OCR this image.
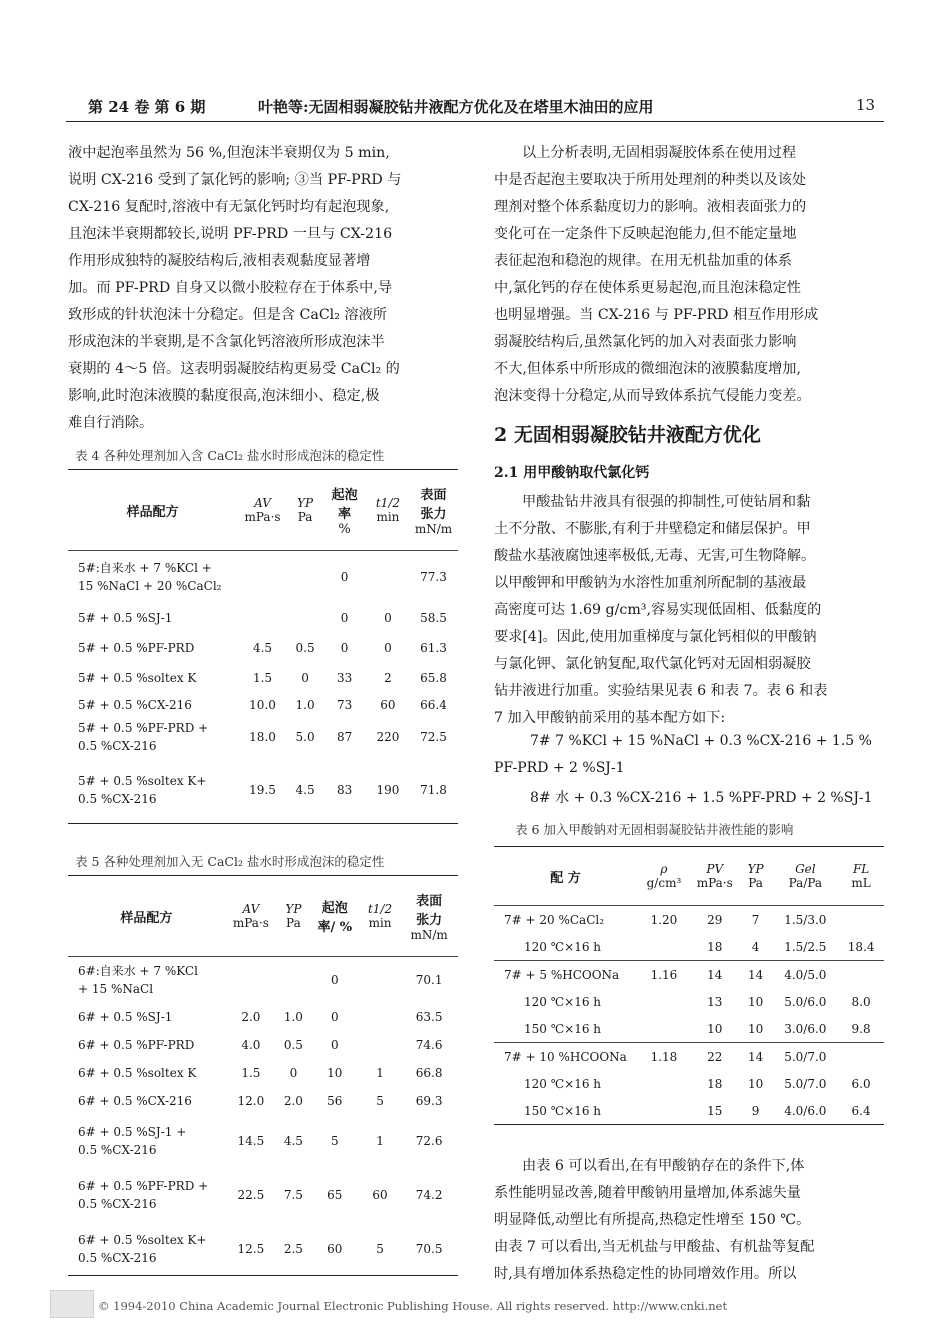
第 24 卷 第 6 期	叶艳等:无固相弱凝胶钻井液配方优化及在塔里木油田的应用	13
液中起泡率虽然为 56 %,但泡沫半衰期仅为 5 min,
说明 CX-216 受到了氯化钙的影响; ③当 PF-PRD 与
CX-216 复配时,溶液中有无氯化钙时均有起泡现象,
且泡沫半衰期都较长,说明 PF-PRD 一旦与 CX-216
作用形成独特的凝胶结构后,液相表观黏度显著增
加。而 PF-PRD 自身又以微小胶粒存在于体系中,导
致形成的针状泡沫十分稳定。但是含 CaCl₂ 溶液所
形成泡沫的半衰期,是不含氯化钙溶液所形成泡沫半
衰期的 4～5 倍。这表明弱凝胶结构更易受 CaCl₂ 的
影响,此时泡沫液膜的黏度很高,泡沫细小、稳定,极
难自行消除。
表 4 各种处理剂加入含 CaCl₂ 盐水时形成泡沫的稳定性
样品配方	AV
mPa·s	YP
Pa	起泡
率
%	t1/2
min	表面
张力
mN/m

5#:自来水 + 7 %KCl +
15 %NaCl + 20 %CaCl₂			0		77.3

5# + 0.5 %SJ-1			0	0	58.5

5# + 0.5 %PF-PRD	4.5	0.5	0	0	61.3

5# + 0.5 %soltex K	1.5	0	33	2	65.8

5# + 0.5 %CX-216	10.0	1.0	73	60	66.4

5# + 0.5 %PF-PRD +
0.5 %CX-216	18.0	5.0	87	220	72.5

5# + 0.5 %soltex K+
0.5 %CX-216	19.5	4.5	83	190	71.8
表 5 各种处理剂加入无 CaCl₂ 盐水时形成泡沫的稳定性
样品配方	AV
mPa·s	YP
Pa	起泡
率/ %	t1/2
min	表面
张力
mN/m

6#:自来水 + 7 %KCl
+ 15 %NaCl			0		70.1

6# + 0.5 %SJ-1	2.0	1.0	0		63.5

6# + 0.5 %PF-PRD	4.0	0.5	0		74.6

6# + 0.5 %soltex K	1.5	0	10	1	66.8

6# + 0.5 %CX-216	12.0	2.0	56	5	69.3

6# + 0.5 %SJ-1 +
0.5 %CX-216	14.5	4.5	5	1	72.6

6# + 0.5 %PF-PRD +
0.5 %CX-216	22.5	7.5	65	60	74.2

6# + 0.5 %soltex K+
0.5 %CX-216	12.5	2.5	60	5	70.5
以上分析表明,无固相弱凝胶体系在使用过程
中是否起泡主要取决于所用处理剂的种类以及该处
理剂对整个体系黏度切力的影响。液相表面张力的
变化可在一定条件下反映起泡能力,但不能定量地
表征起泡和稳泡的规律。在用无机盐加重的体系
中,氯化钙的存在使体系更易起泡,而且泡沫稳定性
也明显增强。当 CX-216 与 PF-PRD 相互作用形成
弱凝胶结构后,虽然氯化钙的加入对表面张力影响
不大,但体系中所形成的微细泡沫的液膜黏度增加,
泡沫变得十分稳定,从而导致体系抗气侵能力变差。
2 无固相弱凝胶钻井液配方优化
2.1 用甲酸钠取代氯化钙
甲酸盐钻井液具有很强的抑制性,可使钻屑和黏
土不分散、不膨胀,有利于井壁稳定和储层保护。甲
酸盐水基液腐蚀速率极低,无毒、无害,可生物降解。
以甲酸钾和甲酸钠为水溶性加重剂所配制的基液最
高密度可达 1.69 g/cm³,容易实现低固相、低黏度的
要求[4]。因此,使用加重梯度与氯化钙相似的甲酸钠
与氯化钾、氯化钠复配,取代氯化钙对无固相弱凝胶
钻井液进行加重。实验结果见表 6 和表 7。表 6 和表
7 加入甲酸钠前采用的基本配方如下:
7# 7 %KCl + 15 %NaCl + 0.3 %CX-216 + 1.5 %
PF-PRD + 2 %SJ-1
8# 水 + 0.3 %CX-216 + 1.5 %PF-PRD + 2 %SJ-1
表 6 加入甲酸钠对无固相弱凝胶钻井液性能的影响
配 方	ρ
g/cm³	PV
mPa·s	YP
Pa	Gel
Pa/Pa	FL
mL
7# + 20 %CaCl₂	1.20	29	7	1.5/3.0	
120 ℃×16 h		18	4	1.5/2.5	18.4
7# + 5 %HCOONa	1.16	14	14	4.0/5.0	
120 ℃×16 h		13	10	5.0/6.0	8.0
150 ℃×16 h		10	10	3.0/6.0	9.8
7# + 10 %HCOONa	1.18	22	14	5.0/7.0	
120 ℃×16 h		18	10	5.0/7.0	6.0
150 ℃×16 h		15	9	4.0/6.0	6.4
由表 6 可以看出,在有甲酸钠存在的条件下,体
系性能明显改善,随着甲酸钠用量增加,体系滤失量
明显降低,动塑比有所提高,热稳定性增至 150 ℃。
由表 7 可以看出,当无机盐与甲酸盐、有机盐等复配
时,具有增加体系热稳定性的协同增效作用。所以
© 1994-2010 China Academic Journal Electronic Publishing House. All rights reserved. http://www.cnki.net
